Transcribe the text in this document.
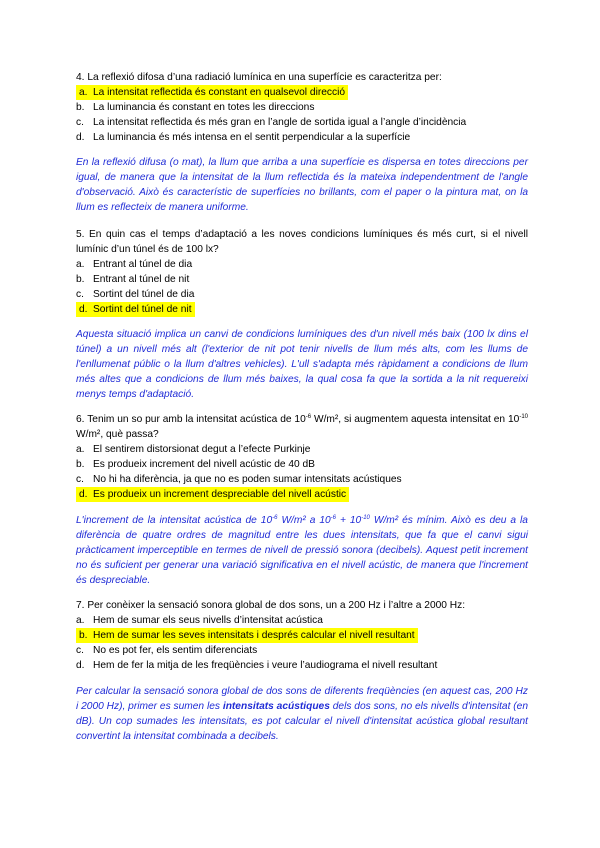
4. La reflexió difosa d’una radiació lumínica en una superfície es caracteritza per:

a. La intensitat reflectida és constant en qualsevol direcció
b. La luminancia és constant en totes les direccions
c. La intensitat reflectida és més gran en l’angle de sortida igual a l’angle d’incidència
d. La luminancia és més intensa en el sentit perpendicular a la superfície

En la reflexió difusa (o mat), la llum que arriba a una superfície es dispersa en totes direccions per igual, de manera que la intensitat de la llum reflectida és la mateixa independentment de l'angle d'observació. Això és característic de superfícies no brillants, com el paper o la pintura mat, on la llum es reflecteix de manera uniforme.

5. En quin cas el temps d’adaptació a les noves condicions lumíniques és més curt, si el nivell lumínic d’un túnel és de 100 lx?

a. Entrant al túnel de dia
b. Entrant al túnel de nit
c. Sortint del túnel de dia
d. Sortint del túnel de nit

Aquesta situació implica un canvi de condicions lumíniques des d'un nivell més baix (100 lx dins el túnel) a un nivell més alt (l'exterior de nit pot tenir nivells de llum més alts, com les llums de l'enllumenat públic o la llum d'altres vehicles). L'ull s'adapta més ràpidament a condicions de llum més altes que a condicions de llum més baixes, la qual cosa fa que la sortida a la nit requereixi menys temps d'adaptació.

6. Tenim un so pur amb la intensitat acústica de $10^{-6}$ W/m², si augmentem aquesta intensitat en $10^{-10}$ W/m², què passa?

a. El sentirem distorsionat degut a l’efecte Purkinje
b. Es produeix increment del nivell acústic de 40 dB
c. No hi ha diferència, ja que no es poden sumar intensitats acústiques
d. Es produeix un increment despreciable del nivell acústic

L'increment de la intensitat acústica de $10^{-6}$ W/m² a $10^{-6} + 10^{-10}$ W/m² és mínim. Això es deu a la diferència de quatre ordres de magnitud entre les dues intensitats, que fa que el canvi sigui pràcticament imperceptible en termes de nivell de pressió sonora (decibels). Aquest petit increment no és suficient per generar una variació significativa en el nivell acústic, de manera que l'increment és despreciable.

7. Per conèixer la sensació sonora global de dos sons, un a 200 Hz i l’altre a 2000 Hz:

a. Hem de sumar els seus nivells d’intensitat acústica
b. Hem de sumar les seves intensitats i després calcular el nivell resultant
c. No es pot fer, els sentim diferenciats
d. Hem de fer la mitja de les freqüències i veure l’audiograma el nivell resultant

Per calcular la sensació sonora global de dos sons de diferents freqüències (en aquest cas, 200 Hz i 2000 Hz), primer es sumen les intensitats acústiques dels dos sons, no els nivells d'intensitat (en dB). Un cop sumades les intensitats, es pot calcular el nivell d'intensitat acústica global resultant convertint la intensitat combinada a decibels.
